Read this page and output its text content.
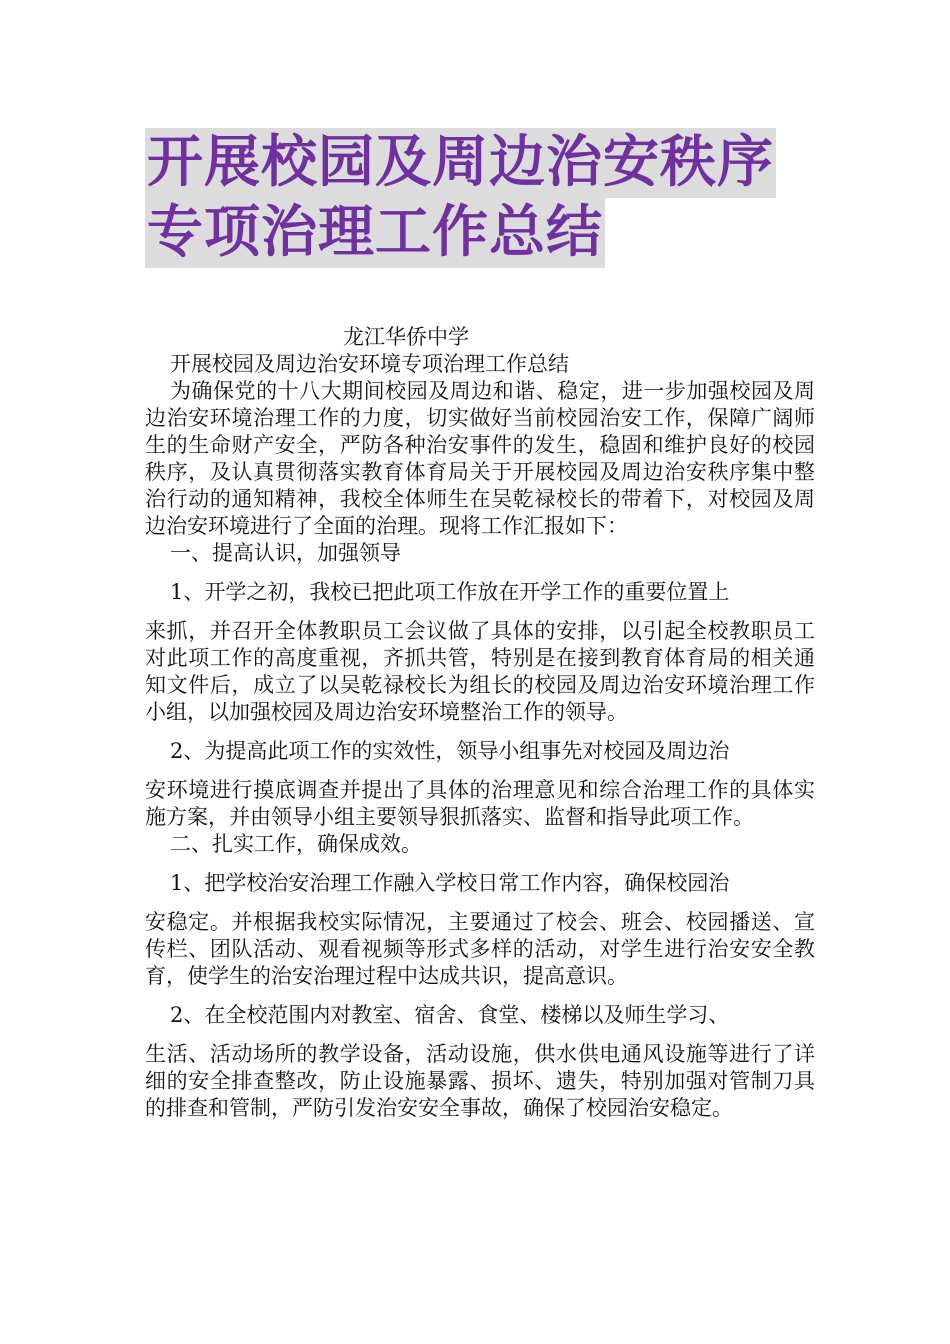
开展校园及周边治安秩序
专项治理工作总结

龙江华侨中学

开展校园及周边治安环境专项治理工作总结

为确保党的十八大期间校园及周边和谐、稳定，进一步加强校园及周边治安环境治理工作的力度，切实做好当前校园治安工作，保障广阔师生的生命财产安全，严防各种治安事件的发生，稳固和维护良好的校园秩序，及认真贯彻落实教育体育局关于开展校园及周边治安秩序集中整治行动的通知精神，我校全体师生在吴乾禄校长的带着下，对校园及周边治安环境进行了全面的治理。现将工作汇报如下：

一、提高认识，加强领导

1、开学之初，我校已把此项工作放在开学工作的重要位置上

来抓，并召开全体教职员工会议做了具体的安排，以引起全校教职员工对此项工作的高度重视，齐抓共管，特别是在接到教育体育局的相关通知文件后，成立了以吴乾禄校长为组长的校园及周边治安环境治理工作小组，以加强校园及周边治安环境整治工作的领导。

2、为提高此项工作的实效性，领导小组事先对校园及周边治

安环境进行摸底调查并提出了具体的治理意见和综合治理工作的具体实施方案，并由领导小组主要领导狠抓落实、监督和指导此项工作。

二、扎实工作，确保成效。

1、把学校治安治理工作融入学校日常工作内容，确保校园治

安稳定。并根据我校实际情况，主要通过了校会、班会、校园播送、宣传栏、团队活动、观看视频等形式多样的活动，对学生进行治安安全教育，使学生的治安治理过程中达成共识，提高意识。

2、在全校范围内对教室、宿舍、食堂、楼梯以及师生学习、

生活、活动场所的教学设备，活动设施，供水供电通风设施等进行了详细的安全排查整改，防止设施暴露、损坏、遗失，特别加强对管制刀具的排查和管制，严防引发治安安全事故，确保了校园治安稳定。
